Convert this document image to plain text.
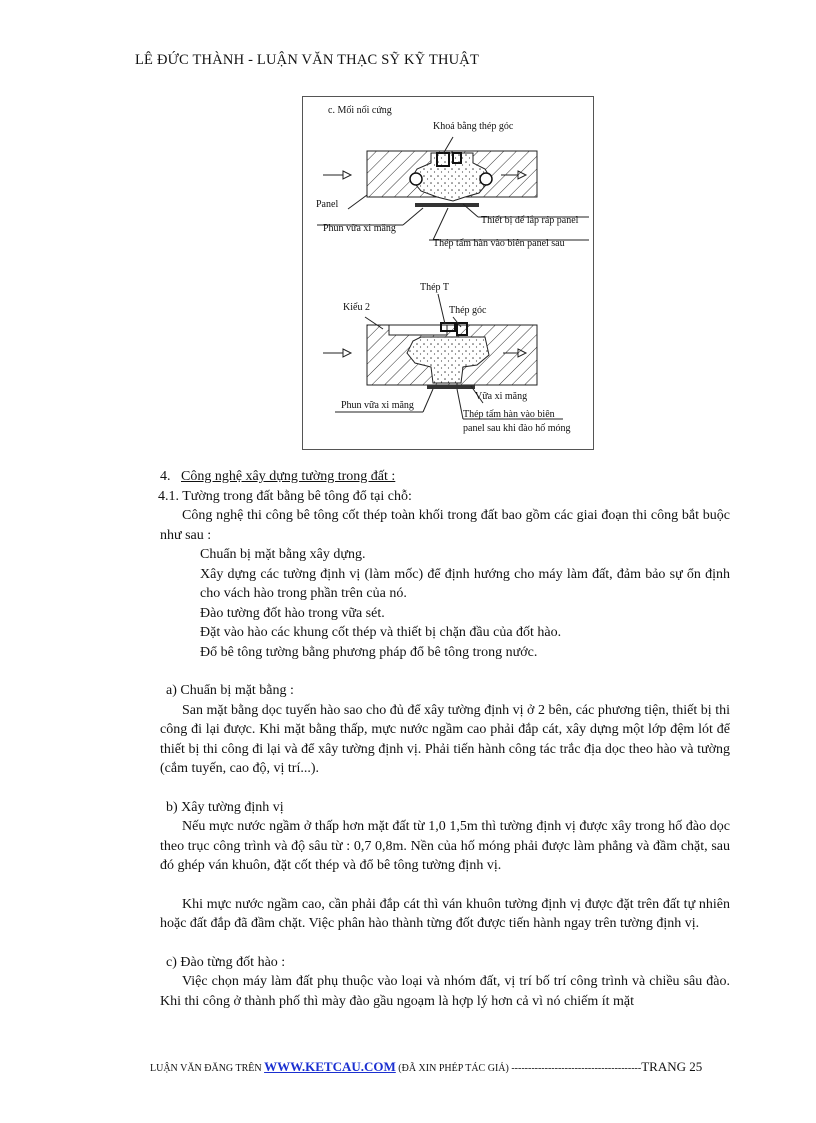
LÊ ĐỨC THÀNH - LUẬN VĂN THẠC SỸ KỸ THUẬT
c. Mối nối cứng
Khoá bằng thép góc
Panel
Thiết bị để lắp ráp panel
Phun vữa xi măng
Thép tấm hàn vào biên panel sau
Thép T
Kiểu 2	Thép góc
Vữa xi măng
Phun vữa xi măng
Thép tấm hàn vào biên
panel sau khi đào hố móng

4. Công nghệ xây dựng tường trong đất :

4.1. Tường trong đất bằng bê tông đổ tại chỗ:

Công nghệ thi công bê tông cốt thép toàn khối trong đất bao gồm các giai đoạn thi công bắt buộc như sau :

Chuẩn bị mặt bằng xây dựng.

Xây dựng các tường định vị (làm mốc) để định hướng cho máy làm đất, đảm bảo sự ổn định cho vách hào trong phần trên của nó.

Đào tường đốt hào trong vữa sét.

Đặt vào hào các khung cốt thép và thiết bị chặn đầu của đốt hào.

Đổ bê tông tường bằng phương pháp đổ bê tông trong nước.

a) Chuẩn bị mặt bằng :

San mặt bằng dọc tuyến hào sao cho đủ để xây tường định vị ở 2 bên, các phương tiện, thiết bị thi công đi lại được. Khi mặt bằng thấp, mực nước ngầm cao phải đắp cát, xây dựng một lớp đệm lót để thiết bị thi công đi lại và để xây tường định vị. Phải tiến hành công tác trắc địa dọc theo hào và tường (cắm tuyến, cao độ, vị trí...).

b) Xây tường định vị

Nếu mực nước ngầm ở thấp hơn mặt đất từ 1,0 1,5m thì tường định vị được xây trong hố đào dọc theo trục công trình và độ sâu từ : 0,7 0,8m. Nền của hố móng phải được làm phẳng và đầm chặt, sau đó ghép ván khuôn, đặt cốt thép và đổ bê tông tường định vị.

Khi mực nước ngầm cao, cần phải đắp cát thì ván khuôn tường định vị được đặt trên đất tự nhiên hoặc đất đắp đã đầm chặt. Việc phân hào thành từng đốt được tiến hành ngay trên tường định vị.

c) Đào từng đốt hào :

Việc chọn máy làm đất phụ thuộc vào loại và nhóm đất, vị trí bố trí công trình và chiều sâu đào. Khi thi công ở thành phố thì mày đào gầu ngoạm là hợp lý hơn cả vì nó chiếm ít mặt

LUẬN VĂN ĐĂNG TRÊN WWW.KETCAU.COM (ĐÃ XIN PHÉP TÁC GIẢ) ---------------------------------------TRANG 25
